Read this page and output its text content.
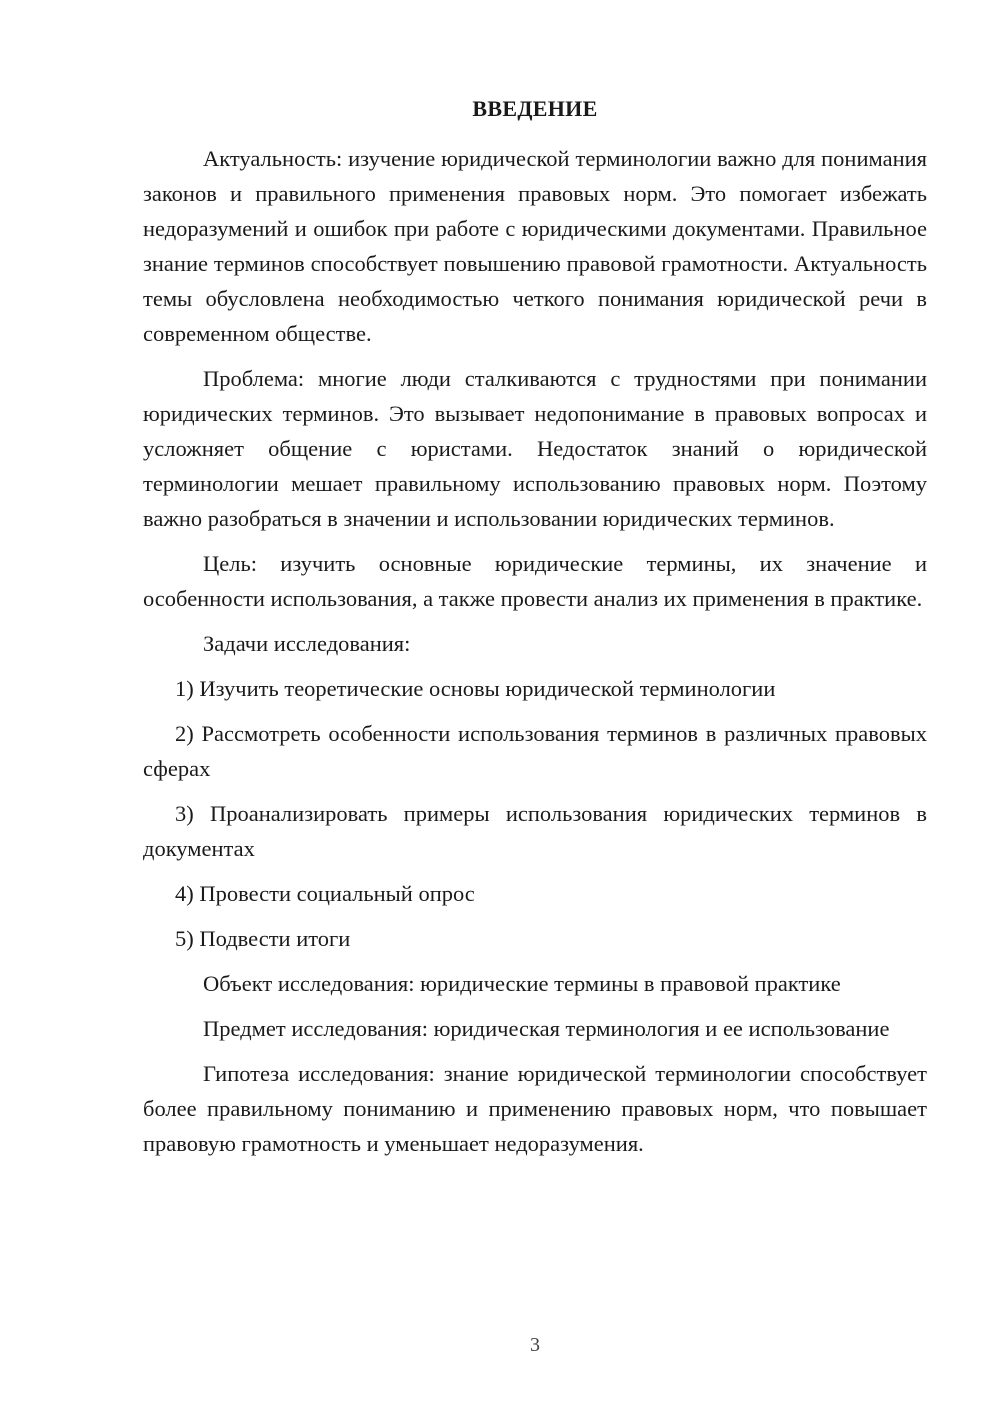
ВВЕДЕНИЕ

Актуальность: изучение юридической терминологии важно для понимания законов и правильного применения правовых норм. Это помогает избежать недоразумений и ошибок при работе с юридическими документами. Правильное знание терминов способствует повышению правовой грамотности. Актуальность темы обусловлена необходимостью четкого понимания юридической речи в современном обществе.

Проблема: многие люди сталкиваются с трудностями при понимании юридических терминов. Это вызывает недопонимание в правовых вопросах и усложняет общение с юристами. Недостаток знаний о юридической терминологии мешает правильному использованию правовых норм. Поэтому важно разобраться в значении и использовании юридических терминов.

Цель: изучить основные юридические термины, их значение и особенности использования, а также провести анализ их применения в практике.

Задачи исследования:

1) Изучить теоретические основы юридической терминологии

2) Рассмотреть особенности использования терминов в различных правовых сферах

3) Проанализировать примеры использования юридических терминов в документах

4) Провести социальный опрос

5) Подвести итоги

Объект исследования: юридические термины в правовой практике

Предмет исследования: юридическая терминология и ее использование

Гипотеза исследования: знание юридической терминологии способствует более правильному пониманию и применению правовых норм, что повышает правовую грамотность и уменьшает недоразумения.

3
